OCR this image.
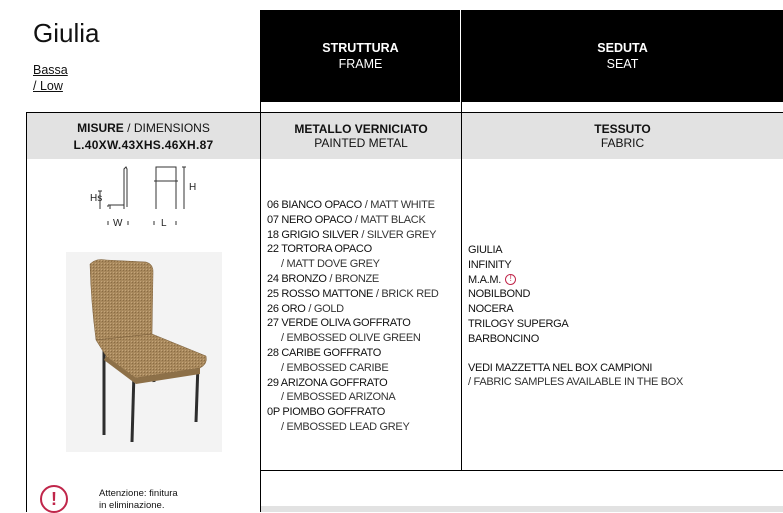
Giulia
Bassa
/ Low
STRUTTURA
FRAME
SEDUTA
SEAT
MISURE / DIMENSIONS
L.40XW.43XHS.46XH.87
METALLO VERNICIATO
PAINTED METAL
TESSUTO
FABRIC
Hs
H
W	L
06 BIANCO OPACO / MATT WHITE
07 NERO OPACO / MATT BLACK
18 GRIGIO SILVER / SILVER GREY
22 TORTORA OPACO
/ MATT DOVE GREY
24 BRONZO / BRONZE
25 ROSSO MATTONE / BRICK RED
26 ORO / GOLD
27 VERDE OLIVA GOFFRATO
/ EMBOSSED OLIVE GREEN
28 CARIBE GOFFRATO
/ EMBOSSED CARIBE
29 ARIZONA GOFFRATO
/ EMBOSSED ARIZONA
0P PIOMBO GOFFRATO
/ EMBOSSED LEAD GREY
GIULIA
INFINITY
M.A.M. !
NOBILBOND
NOCERA
TRILOGY SUPERGA
BARBONCINO
VEDI MAZZETTA NEL BOX CAMPIONI
/ FABRIC SAMPLES AVAILABLE IN THE BOX
!	Attenzione: finitura
in eliminazione.
